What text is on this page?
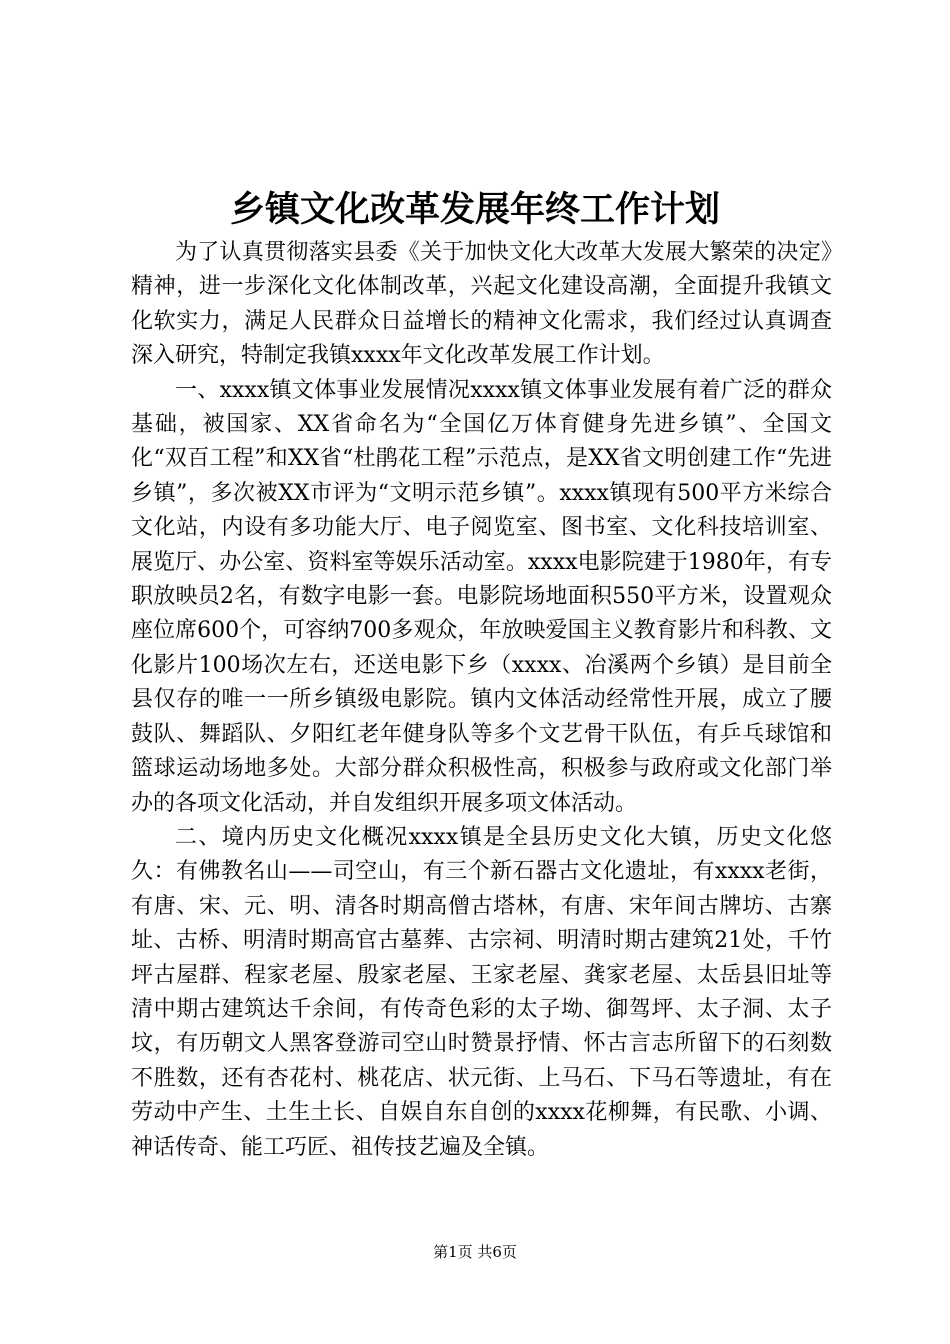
乡镇文化改革发展年终工作计划

为了认真贯彻落实县委《关于加快文化大改革大发展大繁荣的决定》精神，进一步深化文化体制改革，兴起文化建设高潮，全面提升我镇文化软实力，满足人民群众日益增长的精神文化需求，我们经过认真调查深入研究，特制定我镇xxxx年文化改革发展工作计划。

一、xxxx镇文体事业发展情况xxxx镇文体事业发展有着广泛的群众基础，被国家、XX省命名为“全国亿万体育健身先进乡镇”、全国文化“双百工程”和XX省“杜鹃花工程”示范点，是XX省文明创建工作“先进乡镇”，多次被XX市评为“文明示范乡镇”。xxxx镇现有500平方米综合文化站，内设有多功能大厅、电子阅览室、图书室、文化科技培训室、展览厅、办公室、资料室等娱乐活动室。xxxx电影院建于1980年，有专职放映员2名，有数字电影一套。电影院场地面积550平方米，设置观众座位席600个，可容纳700多观众，年放映爱国主义教育影片和科教、文化影片100场次左右，还送电影下乡（xxxx、冶溪两个乡镇）是目前全县仅存的唯一一所乡镇级电影院。镇内文体活动经常性开展，成立了腰鼓队、舞蹈队、夕阳红老年健身队等多个文艺骨干队伍，有乒乓球馆和篮球运动场地多处。大部分群众积极性高，积极参与政府或文化部门举办的各项文化活动，并自发组织开展多项文体活动。

二、境内历史文化概况xxxx镇是全县历史文化大镇，历史文化悠久：有佛教名山——司空山，有三个新石器古文化遗址，有xxxx老街，有唐、宋、元、明、清各时期高僧古塔林，有唐、宋年间古牌坊、古寨址、古桥、明清时期高官古墓葬、古宗祠、明清时期古建筑21处，千竹坪古屋群、程家老屋、殷家老屋、王家老屋、龚家老屋、太岳县旧址等清中期古建筑达千余间，有传奇色彩的太子坳、御驾坪、太子洞、太子坟，有历朝文人黑客登游司空山时赞景抒情、怀古言志所留下的石刻数不胜数，还有杏花村、桃花店、状元街、上马石、下马石等遗址，有在劳动中产生、土生土长、自娱自东自创的xxxx花柳舞，有民歌、小调、神话传奇、能工巧匠、祖传技艺遍及全镇。

第1页 共6页
